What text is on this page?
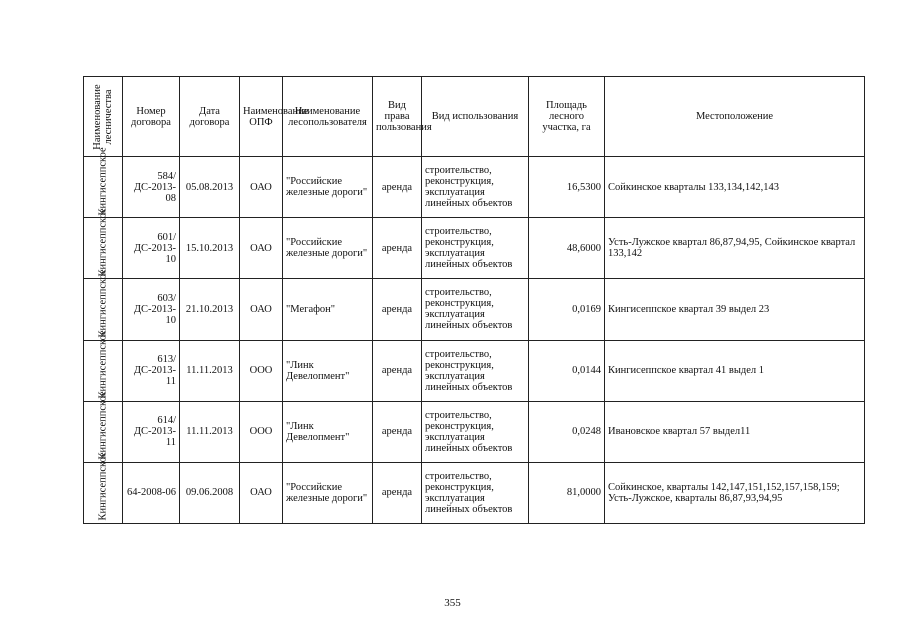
Наименование лесничества	Номер договора	Дата договора	Наименование ОПФ	Наименование лесопользователя	Вид права пользования	Вид использования	Площадь лесного участка, га	Местоположение

Кингисеппское	584/ДС-2013-08	05.08.2013	ОАО	"Российские железные дороги"	аренда	строительство, реконструкция, эксплуатация линейных объектов	16,5300	Сойкинское кварталы 133,134,142,143

Кингисеппское	601/ДС-2013-10	15.10.2013	ОАО	"Российские железные дороги"	аренда	строительство, реконструкция, эксплуатация линейных объектов	48,6000	Усть-Лужское квартал 86,87,94,95, Сойкинское квартал 133,142

Кингисеппское	603/ДС-2013-10	21.10.2013	ОАО	"Мегафон"	аренда	строительство, реконструкция, эксплуатация линейных объектов	0,0169	Кингисеппское квартал 39 выдел 23

Кингисеппское	613/ДС-2013-11	11.11.2013	ООО	"Линк Девелопмент"	аренда	строительство, реконструкция, эксплуатация линейных объектов	0,0144	Кингисеппское квартал 41 выдел 1

Кингисеппское	614/ДС-2013-11	11.11.2013	ООО	"Линк Девелопмент"	аренда	строительство, реконструкция, эксплуатация линейных объектов	0,0248	Ивановское квартал 57 выдел11

Кингисеппское	64-2008-06	09.06.2008	ОАО	"Российские железные дороги"	аренда	строительство, реконструкция, эксплуатация линейных объектов	81,0000	Сойкинское, кварталы 142,147,151,152,157,158,159; Усть-Лужское, кварталы 86,87,93,94,95
355
